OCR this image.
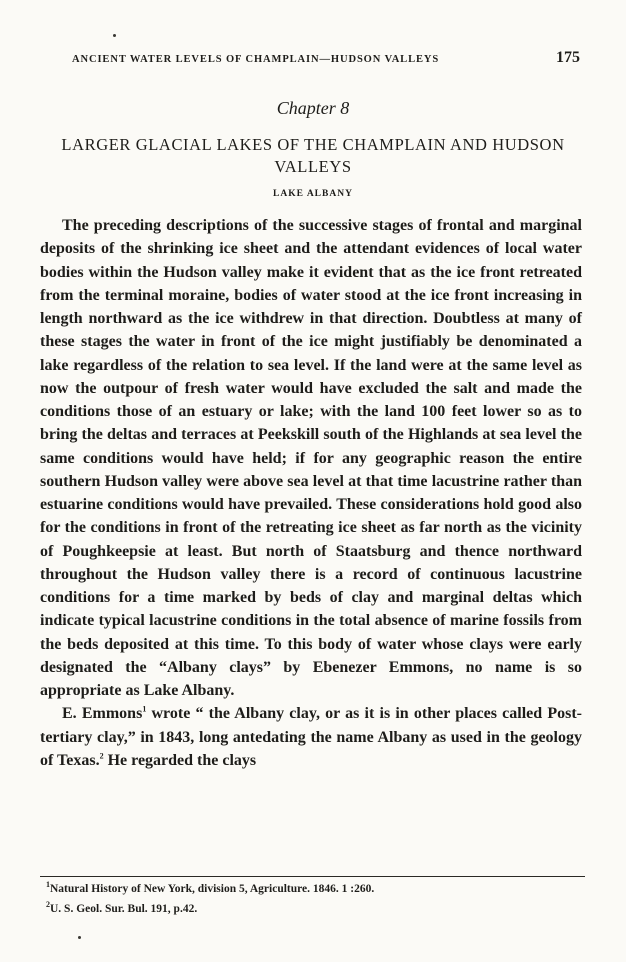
ANCIENT WATER LEVELS OF CHAMPLAIN—HUDSON VALLEYS	175
Chapter 8
LARGER GLACIAL LAKES OF THE CHAMPLAIN AND HUDSON VALLEYS
LAKE ALBANY

The preceding descriptions of the successive stages of frontal and marginal deposits of the shrinking ice sheet and the attendant evidences of local water bodies within the Hudson valley make it evident that as the ice front retreated from the terminal moraine, bodies of water stood at the ice front increasing in length northward as the ice withdrew in that direction. Doubtless at many of these stages the water in front of the ice might justifiably be denominated a lake regardless of the relation to sea level. If the land were at the same level as now the outpour of fresh water would have excluded the salt and made the conditions those of an estuary or lake; with the land 100 feet lower so as to bring the deltas and terraces at Peekskill south of the Highlands at sea level the same conditions would have held; if for any geographic reason the entire southern Hudson valley were above sea level at that time lacustrine rather than estuarine conditions would have prevailed. These considerations hold good also for the conditions in front of the retreating ice sheet as far north as the vicinity of Poughkeepsie at least. But north of Staatsburg and thence northward throughout the Hudson valley there is a record of continuous lacustrine conditions for a time marked by beds of clay and marginal deltas which indicate typical lacustrine conditions in the total absence of marine fossils from the beds deposited at this time. To this body of water whose clays were early designated the “Albany clays” by Ebenezer Emmons, no name is so appropriate as Lake Albany.

E. Emmons$^1$ wrote “ the Albany clay, or as it is in other places called Post-tertiary clay,” in 1843, long antedating the name Albany as used in the geology of Texas.$^2$ He regarded the clays

$^1$Natural History of New York, division 5, Agriculture. 1846. 1 :260.
$^2$U. S. Geol. Sur. Bul. 191, p.42.
